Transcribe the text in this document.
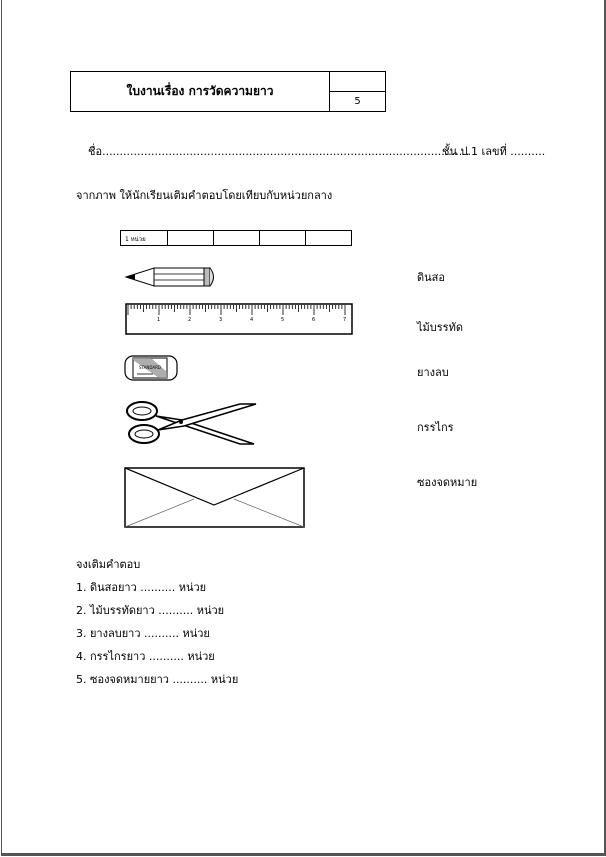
ใบงานเรื่อง การวัดความยาว
5
ชื่อ.........................................................................................................
ชั้น ป.1 เลขที่ ..........
จากภาพ ให้นักเรียนเติมคำตอบโดยเทียบกับหน่วยกลาง
1 หน่วย
1	2	3	4	5	6	7
STANDARD
ดินสอ
ไม้บรรทัด
ยางลบ
กรรไกร
ซองจดหมาย
จงเติมคำตอบ
1. ดินสอยาว .......... หน่วย
2. ไม้บรรทัดยาว .......... หน่วย
3. ยางลบยาว .......... หน่วย
4. กรรไกรยาว .......... หน่วย
5. ซองจดหมายยาว .......... หน่วย
